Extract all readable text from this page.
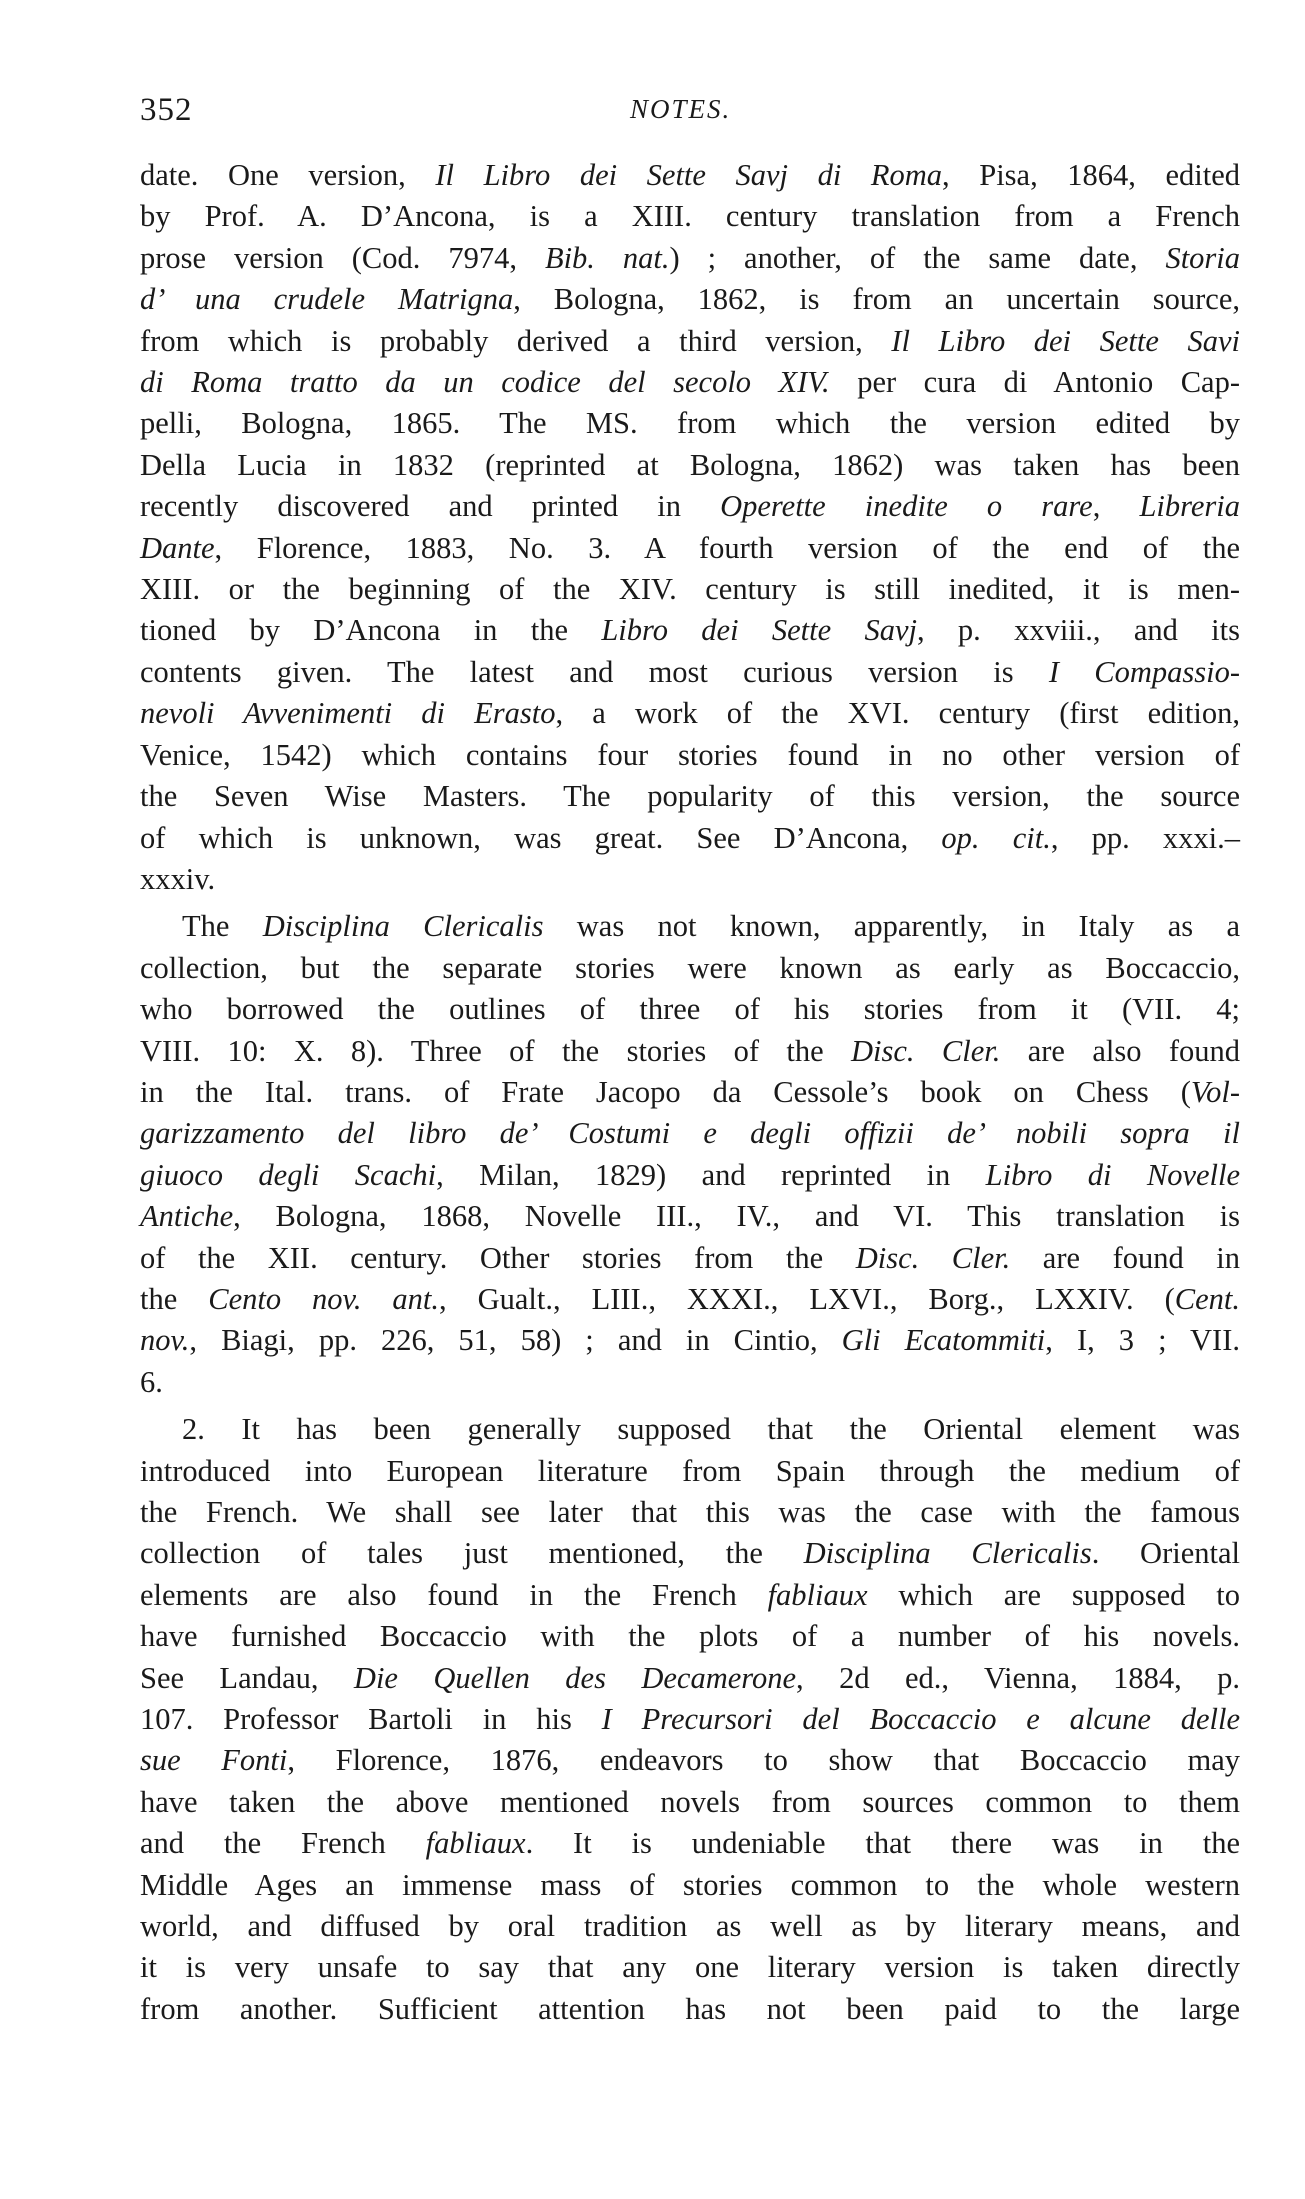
352	NOTES.
date. One version, Il Libro dei Sette Savj di Roma, Pisa, 1864, edited
by Prof. A. D’Ancona, is a XIII. century translation from a French
prose version (Cod. 7974, Bib. nat.) ; another, of the same date, Storia
d’ una crudele Matrigna, Bologna, 1862, is from an uncertain source,
from which is probably derived a third version, Il Libro dei Sette Savi
di Roma tratto da un codice del secolo XIV. per cura di Antonio Cap-
pelli, Bologna, 1865. The MS. from which the version edited by
Della Lucia in 1832 (reprinted at Bologna, 1862) was taken has been
recently discovered and printed in Operette inedite o rare, Libreria
Dante, Florence, 1883, No. 3. A fourth version of the end of the
XIII. or the beginning of the XIV. century is still inedited, it is men-
tioned by D’Ancona in the Libro dei Sette Savj, p. xxviii., and its
contents given. The latest and most curious version is I Compassio-
nevoli Avvenimenti di Erasto, a work of the XVI. century (first edition,
Venice, 1542) which contains four stories found in no other version of
the Seven Wise Masters. The popularity of this version, the source
of which is unknown, was great. See D’Ancona, op. cit., pp. xxxi.–
xxxiv.
The Disciplina Clericalis was not known, apparently, in Italy as a
collection, but the separate stories were known as early as Boccaccio,
who borrowed the outlines of three of his stories from it (VII. 4;
VIII. 10: X. 8). Three of the stories of the Disc. Cler. are also found
in the Ital. trans. of Frate Jacopo da Cessole’s book on Chess (Vol-
garizzamento del libro de’ Costumi e degli offizii de’ nobili sopra il
giuoco degli Scachi, Milan, 1829) and reprinted in Libro di Novelle
Antiche, Bologna, 1868, Novelle III., IV., and VI. This translation is
of the XII. century. Other stories from the Disc. Cler. are found in
the Cento nov. ant., Gualt., LIII., XXXI., LXVI., Borg., LXXIV. (Cent.
nov., Biagi, pp. 226, 51, 58) ; and in Cintio, Gli Ecatommiti, I, 3 ; VII.
6.
2. It has been generally supposed that the Oriental element was
introduced into European literature from Spain through the medium of
the French. We shall see later that this was the case with the famous
collection of tales just mentioned, the Disciplina Clericalis. Oriental
elements are also found in the French fabliaux which are supposed to
have furnished Boccaccio with the plots of a number of his novels.
See Landau, Die Quellen des Decamerone, 2d ed., Vienna, 1884, p.
107. Professor Bartoli in his I Precursori del Boccaccio e alcune delle
sue Fonti, Florence, 1876, endeavors to show that Boccaccio may
have taken the above mentioned novels from sources common to them
and the French fabliaux. It is undeniable that there was in the
Middle Ages an immense mass of stories common to the whole western
world, and diffused by oral tradition as well as by literary means, and
it is very unsafe to say that any one literary version is taken directly
from another. Sufficient attention has not been paid to the large
